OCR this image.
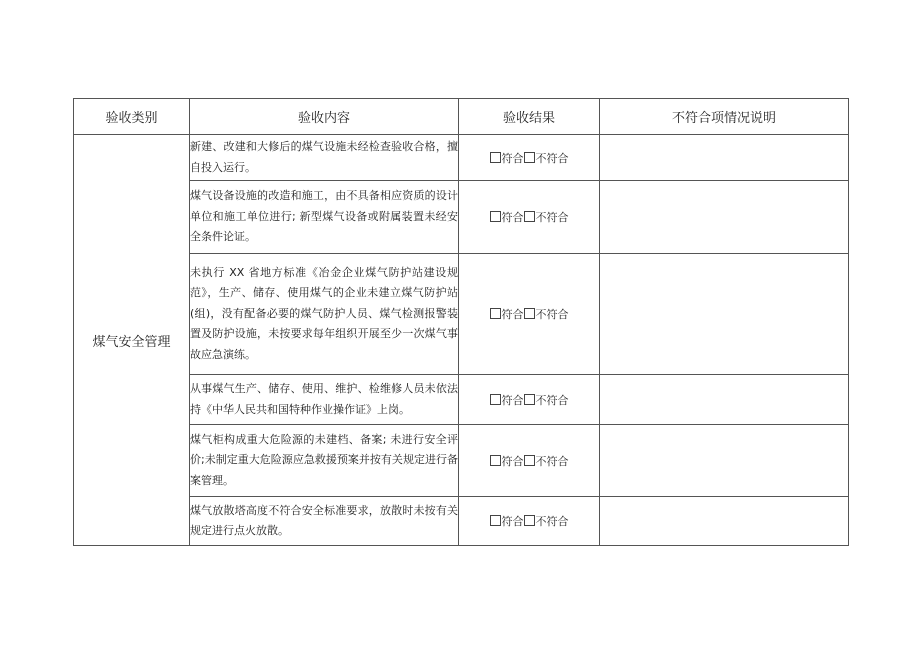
验收类别	验收内容	验收结果	不符合项情况说明
煤气安全管理	新建、改建和大修后的煤气设施未经检查验收合格，擅自投入运行。	符合 不符合	
	煤气设备设施的改造和施工，由不具备相应资质的设计单位和施工单位进行; 新型煤气设备或附属装置未经安全条件论证。	符合 不符合	
	未执行 XX 省地方标准《冶金企业煤气防护站建设规范》，生产、储存、使用煤气的企业未建立煤气防护站(组)，没有配备必要的煤气防护人员、煤气检测报警装置及防护设施，未按要求每年组织开展至少一次煤气事故应急演练。	符合 不符合	
	从事煤气生产、储存、使用、维护、检维修人员未依法持《中华人民共和国特种作业操作证》上岗。	符合 不符合	
	煤气柜构成重大危险源的未建档、备案; 未进行安全评价;未制定重大危险源应急救援预案并按有关规定进行备案管理。	符合 不符合	
	煤气放散塔高度不符合安全标准要求，放散时未按有关规定进行点火放散。	符合 不符合	
